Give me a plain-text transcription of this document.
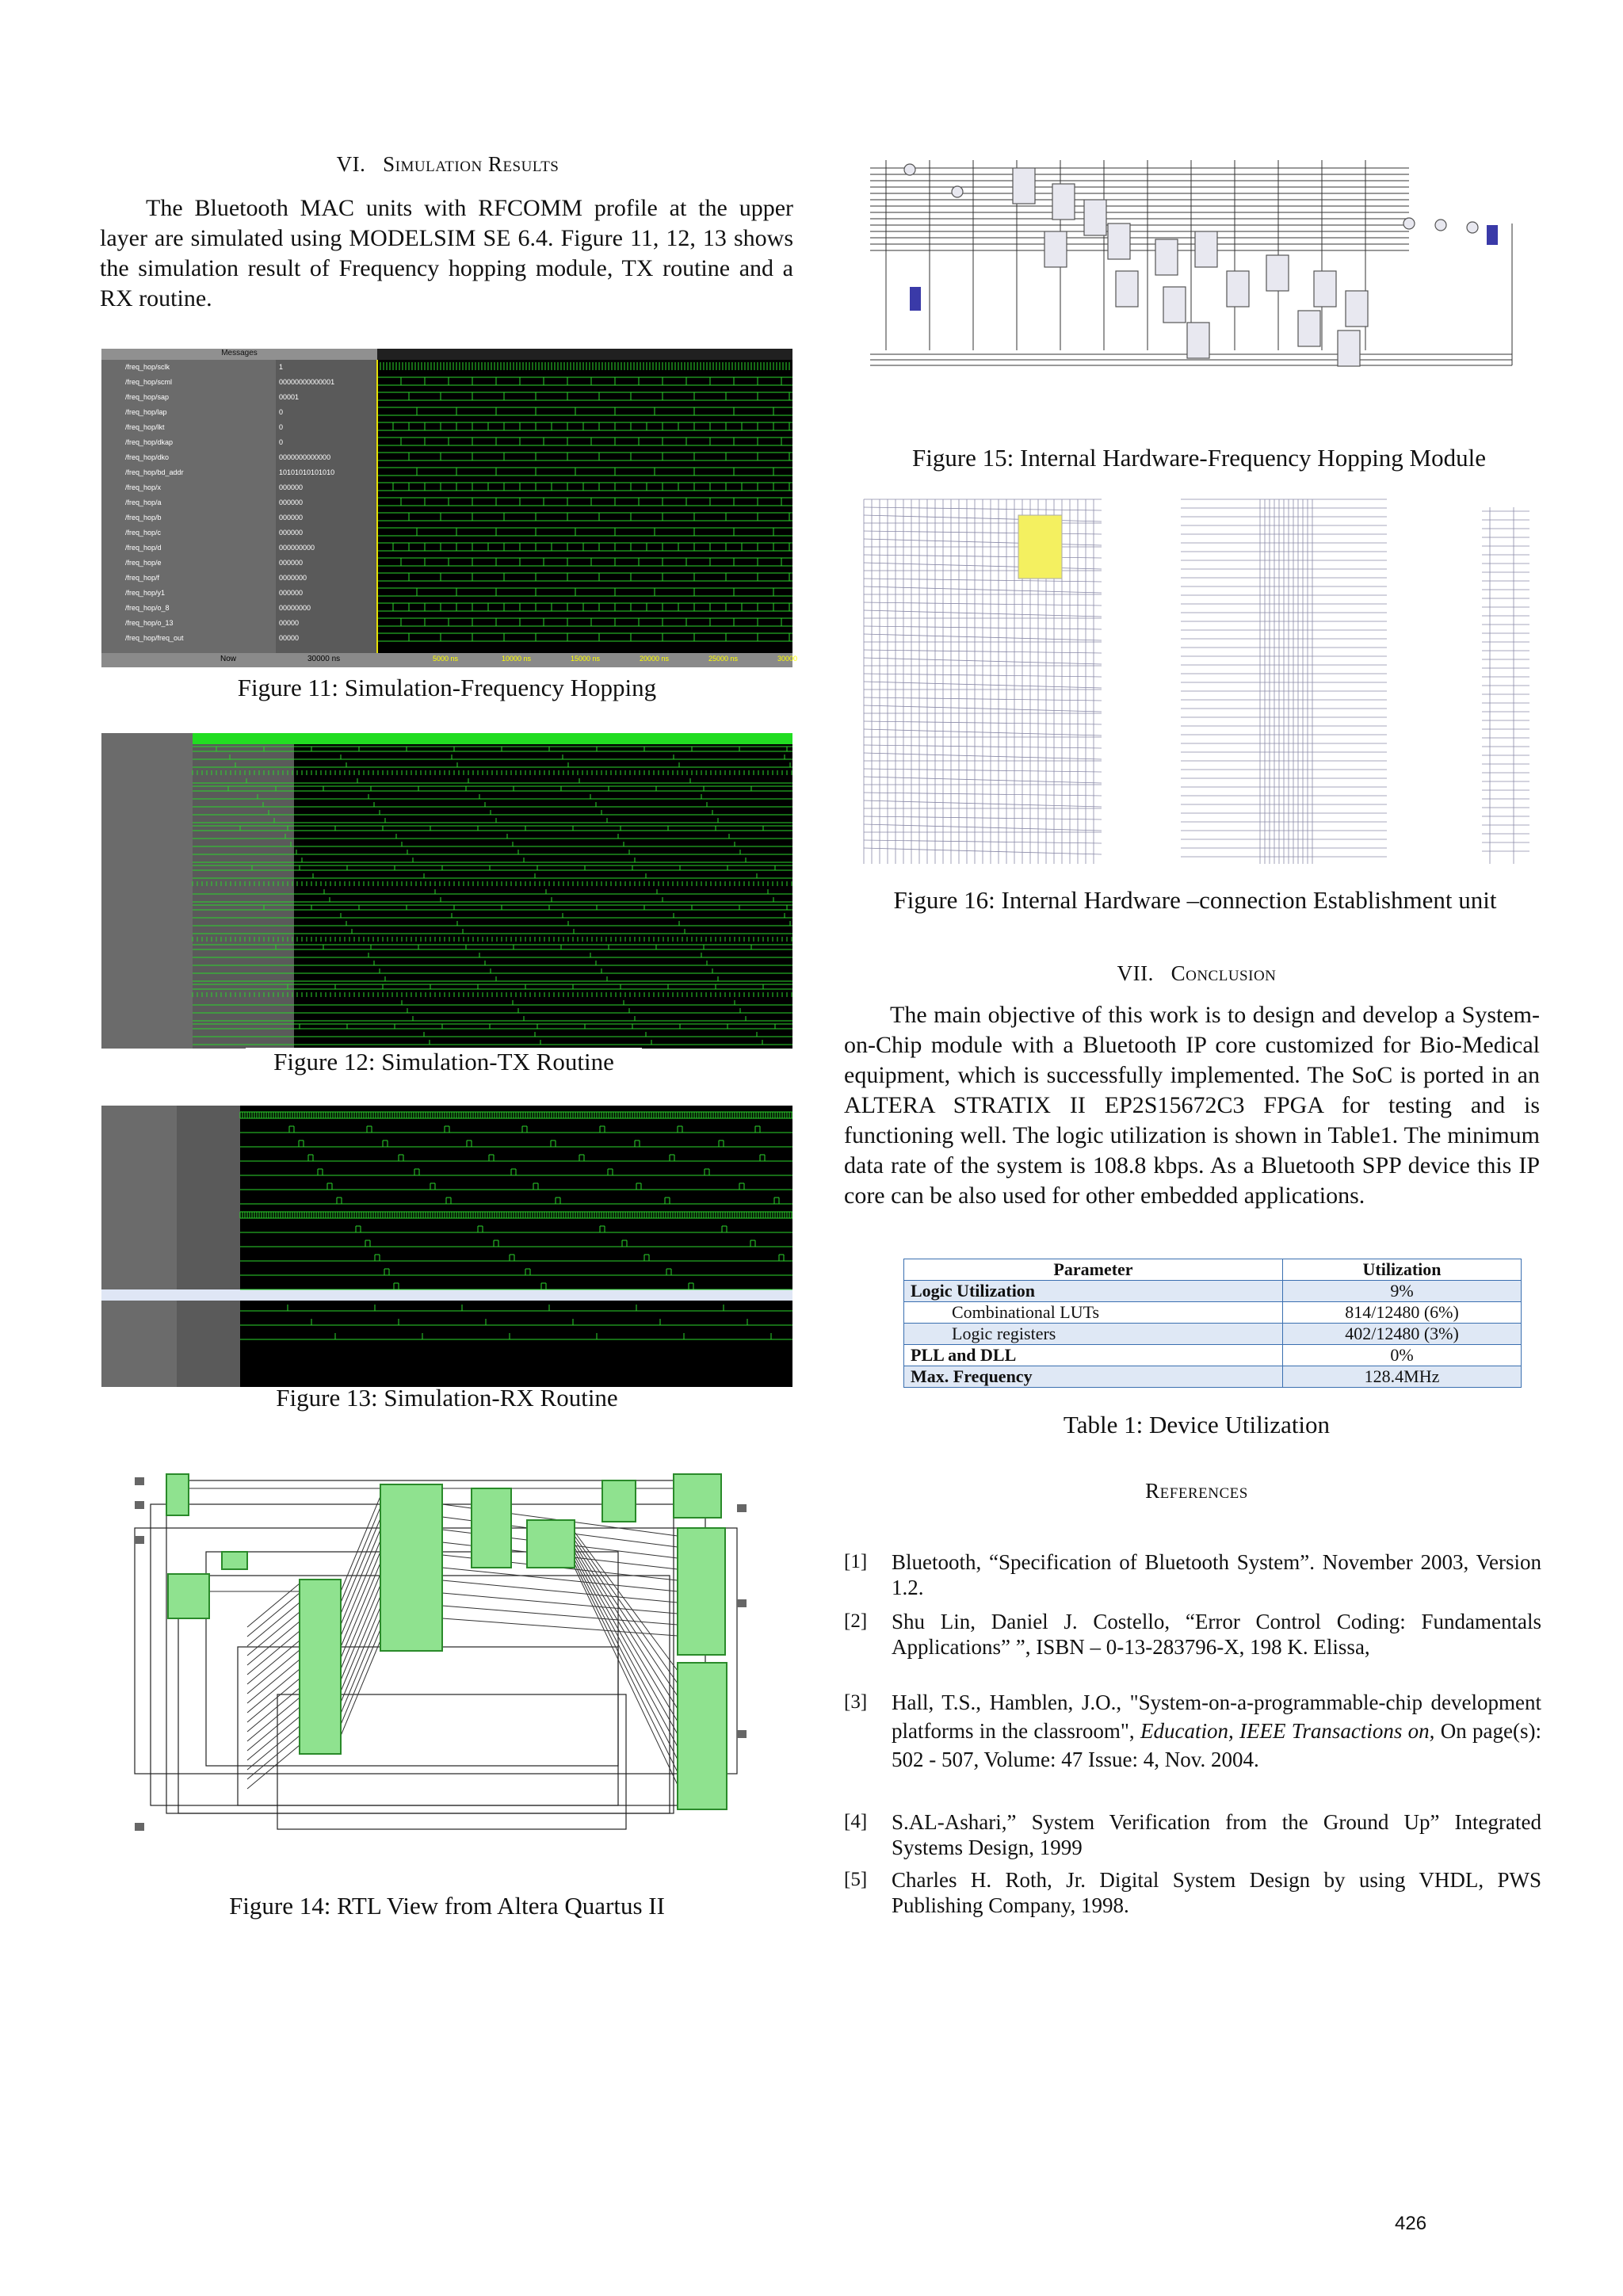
VI. Simulation Results
The Bluetooth MAC units with RFCOMM profile at the upper layer are simulated using MODELSIM SE 6.4. Figure 11, 12, 13 shows the simulation result of Frequency hopping module, TX routine and a RX routine.
Messages
/freq_hop/sclk	1
/freq_hop/scml	00000000000001
/freq_hop/sap	00001
/freq_hop/lap	0
/freq_hop/lkt	0
/freq_hop/dkap	0
/freq_hop/dko	0000000000000
/freq_hop/bd_addr	10101010101010
/freq_hop/x	000000
/freq_hop/a	000000
/freq_hop/b	000000
/freq_hop/c	000000
/freq_hop/d	000000000
/freq_hop/e	000000
/freq_hop/f	0000000
/freq_hop/y1	000000
/freq_hop/o_8	00000000
/freq_hop/o_13	00000
/freq_hop/freq_out	00000
Now	30000 ns	5000 ns	10000 ns	15000 ns	20000 ns	25000 ns	30000
Figure 11: Simulation-Frequency Hopping
Figure 12: Simulation-TX Routine
Figure 13: Simulation-RX Routine
Figure 14: RTL View from Altera Quartus II
Figure 15: Internal Hardware-Frequency Hopping Module
Figure 16: Internal Hardware –connection Establishment unit
VII. Conclusion
The main objective of this work is to design and develop a System-on-Chip module with a Bluetooth IP core customized for Bio-Medical equipment, which is successfully implemented. The SoC is ported in an ALTERA STRATIX II EP2S15672C3 FPGA for testing and is functioning well. The logic utilization is shown in Table1. The minimum data rate of the system is 108.8 kbps. As a Bluetooth SPP device this IP core can be also used for other embedded applications.
Parameter	Utilization
Logic Utilization	9%
Combinational LUTs	814/12480 (6%)
Logic registers	402/12480 (3%)
PLL and DLL	0%
Max. Frequency	128.4MHz
Table 1: Device Utilization
References
[1] Bluetooth, “Specification of Bluetooth System”. November 2003, Version 1.2.
[2] Shu Lin, Daniel J. Costello, “Error Control Coding: Fundamentals Applications” ”, ISBN – 0-13-283796-X, 198 K. Elissa,
[3] Hall, T.S., Hamblen, J.O., "System-on-a-programmable-chip development platforms in the classroom", Education, IEEE Transactions on, On page(s): 502 - 507, Volume: 47 Issue: 4, Nov. 2004.
[4] S.AL-Ashari,” System Verification from the Ground Up” Integrated Systems Design, 1999
[5] Charles H. Roth, Jr. Digital System Design by using VHDL, PWS Publishing Company, 1998.
426
